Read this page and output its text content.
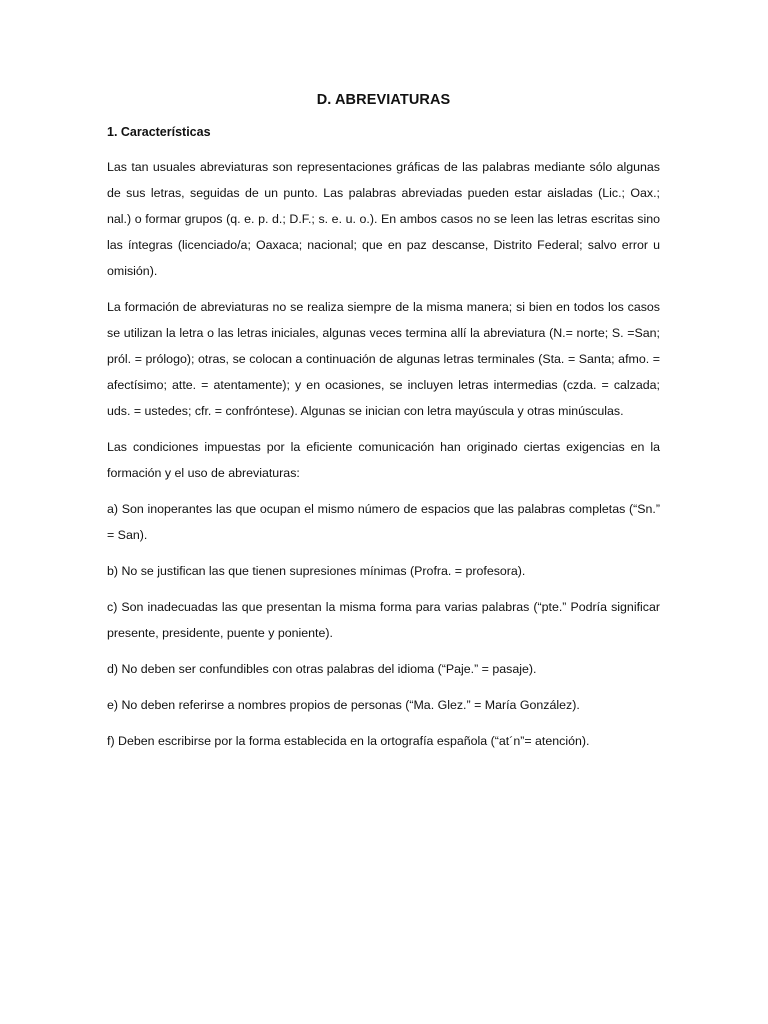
D. ABREVIATURAS
1. Características

Las tan usuales abreviaturas son representaciones gráficas de las palabras mediante sólo algunas de sus letras, seguidas de un punto. Las palabras abreviadas pueden estar aisladas (Lic.; Oax.; nal.) o formar grupos (q. e. p. d.; D.F.; s. e. u. o.). En ambos casos no se leen las letras escritas sino las íntegras (licenciado/a; Oaxaca; nacional; que en paz descanse, Distrito Federal; salvo error u omisión).

La formación de abreviaturas no se realiza siempre de la misma manera; si bien en todos los casos se utilizan la letra o las letras iniciales, algunas veces termina allí la abreviatura (N.= norte; S. =San; pról. = prólogo); otras, se colocan a continuación de algunas letras terminales (Sta. = Santa; afmo. = afectísimo; atte. = atentamente); y en ocasiones, se incluyen letras intermedias (czda. = calzada; uds. = ustedes; cfr. = confróntese). Algunas se inician con letra mayúscula y otras minúsculas.

Las condiciones impuestas por la eficiente comunicación han originado ciertas exigencias en la formación y el uso de abreviaturas:

a) Son inoperantes las que ocupan el mismo número de espacios que las palabras completas (“Sn.” = San).

b) No se justifican las que tienen supresiones mínimas (Profra. = profesora).

c) Son inadecuadas las que presentan la misma forma para varias palabras (“pte.” Podría significar presente, presidente, puente y poniente).

d) No deben ser confundibles con otras palabras del idioma (“Paje.” = pasaje).

e) No deben referirse a nombres propios de personas (“Ma. Glez.” = María González).

f) Deben escribirse por la forma establecida en la ortografía española (“at´n”= atención).
